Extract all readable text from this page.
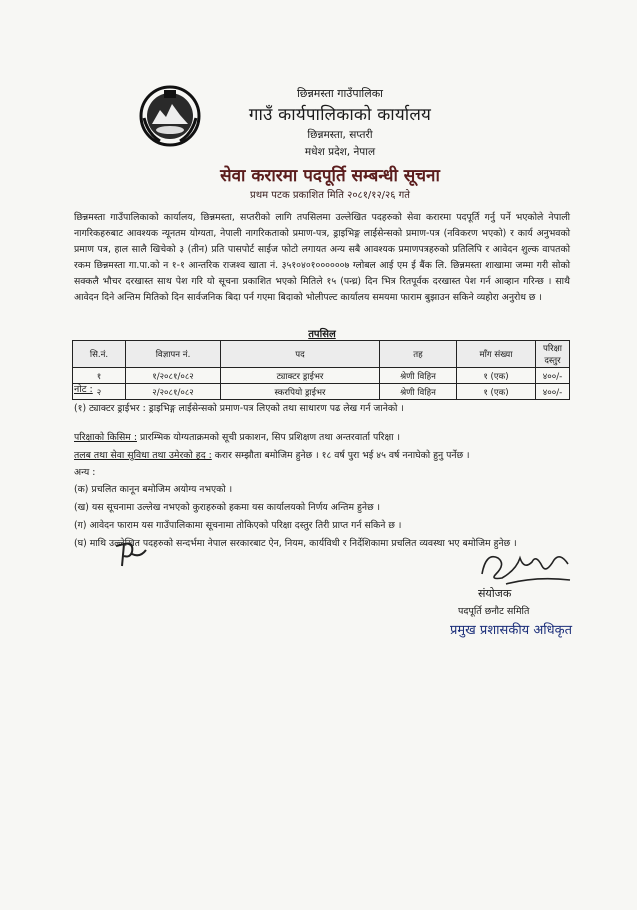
छिन्नमस्ता गाउँपालिका
गाउँ कार्यपालिकाको कार्यालय
छिन्नमस्ता, सप्तरी
मधेश प्रदेश, नेपाल
सेवा करारमा पदपूर्ति सम्बन्धी सूचना
प्रथम पटक प्रकाशित मिति २०८१/१२/२६ गते

छिन्नमस्ता गाउँपालिकाको कार्यालय, छिन्नमस्ता, सप्तरीको लागि तपसिलमा उल्लेखित पदहरुको सेवा करारमा पदपूर्ति गर्नु पर्ने भएकोले नेपाली नागरिकहरुबाट आवश्यक न्यूनतम योग्यता, नेपाली नागरिकताको प्रमाण-पत्र, ड्राइभिङ्ग लाईसेन्सको प्रमाण-पत्र (नविकरण भएको) र कार्य अनुभवको प्रमाण पत्र, हाल सालै खिचेको ३ (तीन) प्रति पासपोर्ट साईज फोटो लगायत अन्य सबै आवश्यक प्रमाणपत्रहरुको प्रतिलिपि र आवेदन शुल्क वापतको रकम छिन्नमस्ता गा.पा.को न १-१ आन्तरिक राजश्व खाता नं. ३५१०४०१००००००७ ग्लोबल आई एम ई बैंक लि. छिन्नमस्ता शाखामा जम्मा गरी सोको सक्कलै भौचर दरखास्त साथ पेश गरि यो सूचना प्रकाशित भएको मितिले १५ (पन्ध्र) दिन भित्र रितपूर्वक दरखास्त पेश गर्न आव्हान गरिन्छ । साथै आवेदन दिने अन्तिम मितिको दिन सार्वजनिक बिदा पर्न गएमा बिदाको भोलीपल्ट कार्यालय समयमा फाराम बुझाउन सकिने व्यहोरा अनुरोध छ ।

तपसिल
सि.नं.	विज्ञापन नं.	पद	तह	माँग संख्या	परिक्षा दस्तुर
१	१/२०८१/०८२	ट्याक्टर ड्राईभर	श्रेणी विहिन	१ (एक)	४००/-
२	२/२०८१/०८२	स्करपियो ड्राईभर	श्रेणी विहिन	१ (एक)	४००/-
नोट :
(१) ट्याक्टर ड्राईभर : ड्राइभिङ्ग लाईसेन्सको प्रमाण-पत्र लिएको तथा साधारण पढ लेख गर्न जानेको ।
परिक्षाको किसिम : प्रारम्भिक योग्यताक्रमको सूची प्रकाशन, सिप प्रशिक्षण तथा अन्तरवार्ता परिक्षा ।
तलब तथा सेवा सुविधा तथा उमेरको हद : करार सम्झौता बमोजिम हुनेछ । १८ वर्ष पुरा भई ४५ वर्ष ननाघेको हुनु पर्नेछ ।
अन्य :
(क) प्रचलित कानून बमोजिम अयोग्य नभएको ।
(ख) यस सूचनामा उल्लेख नभएको कुराहरुको हकमा यस कार्यालयको निर्णय अन्तिम हुनेछ ।
(ग) आवेदन फाराम यस गाउँपालिकामा सूचनामा तोकिएको परिक्षा दस्तुर तिरी प्राप्त गर्न सकिने छ ।
(घ) माथि उल्लेखित पदहरुको सन्दर्भमा नेपाल सरकारबाट ऐन, नियम, कार्यविधी र निर्देशिकामा प्रचलित व्यवस्था भए बमोजिम हुनेछ ।
संयोजक
पदपूर्ति छनौट समिति
प्रमुख प्रशासकीय अधिकृत
